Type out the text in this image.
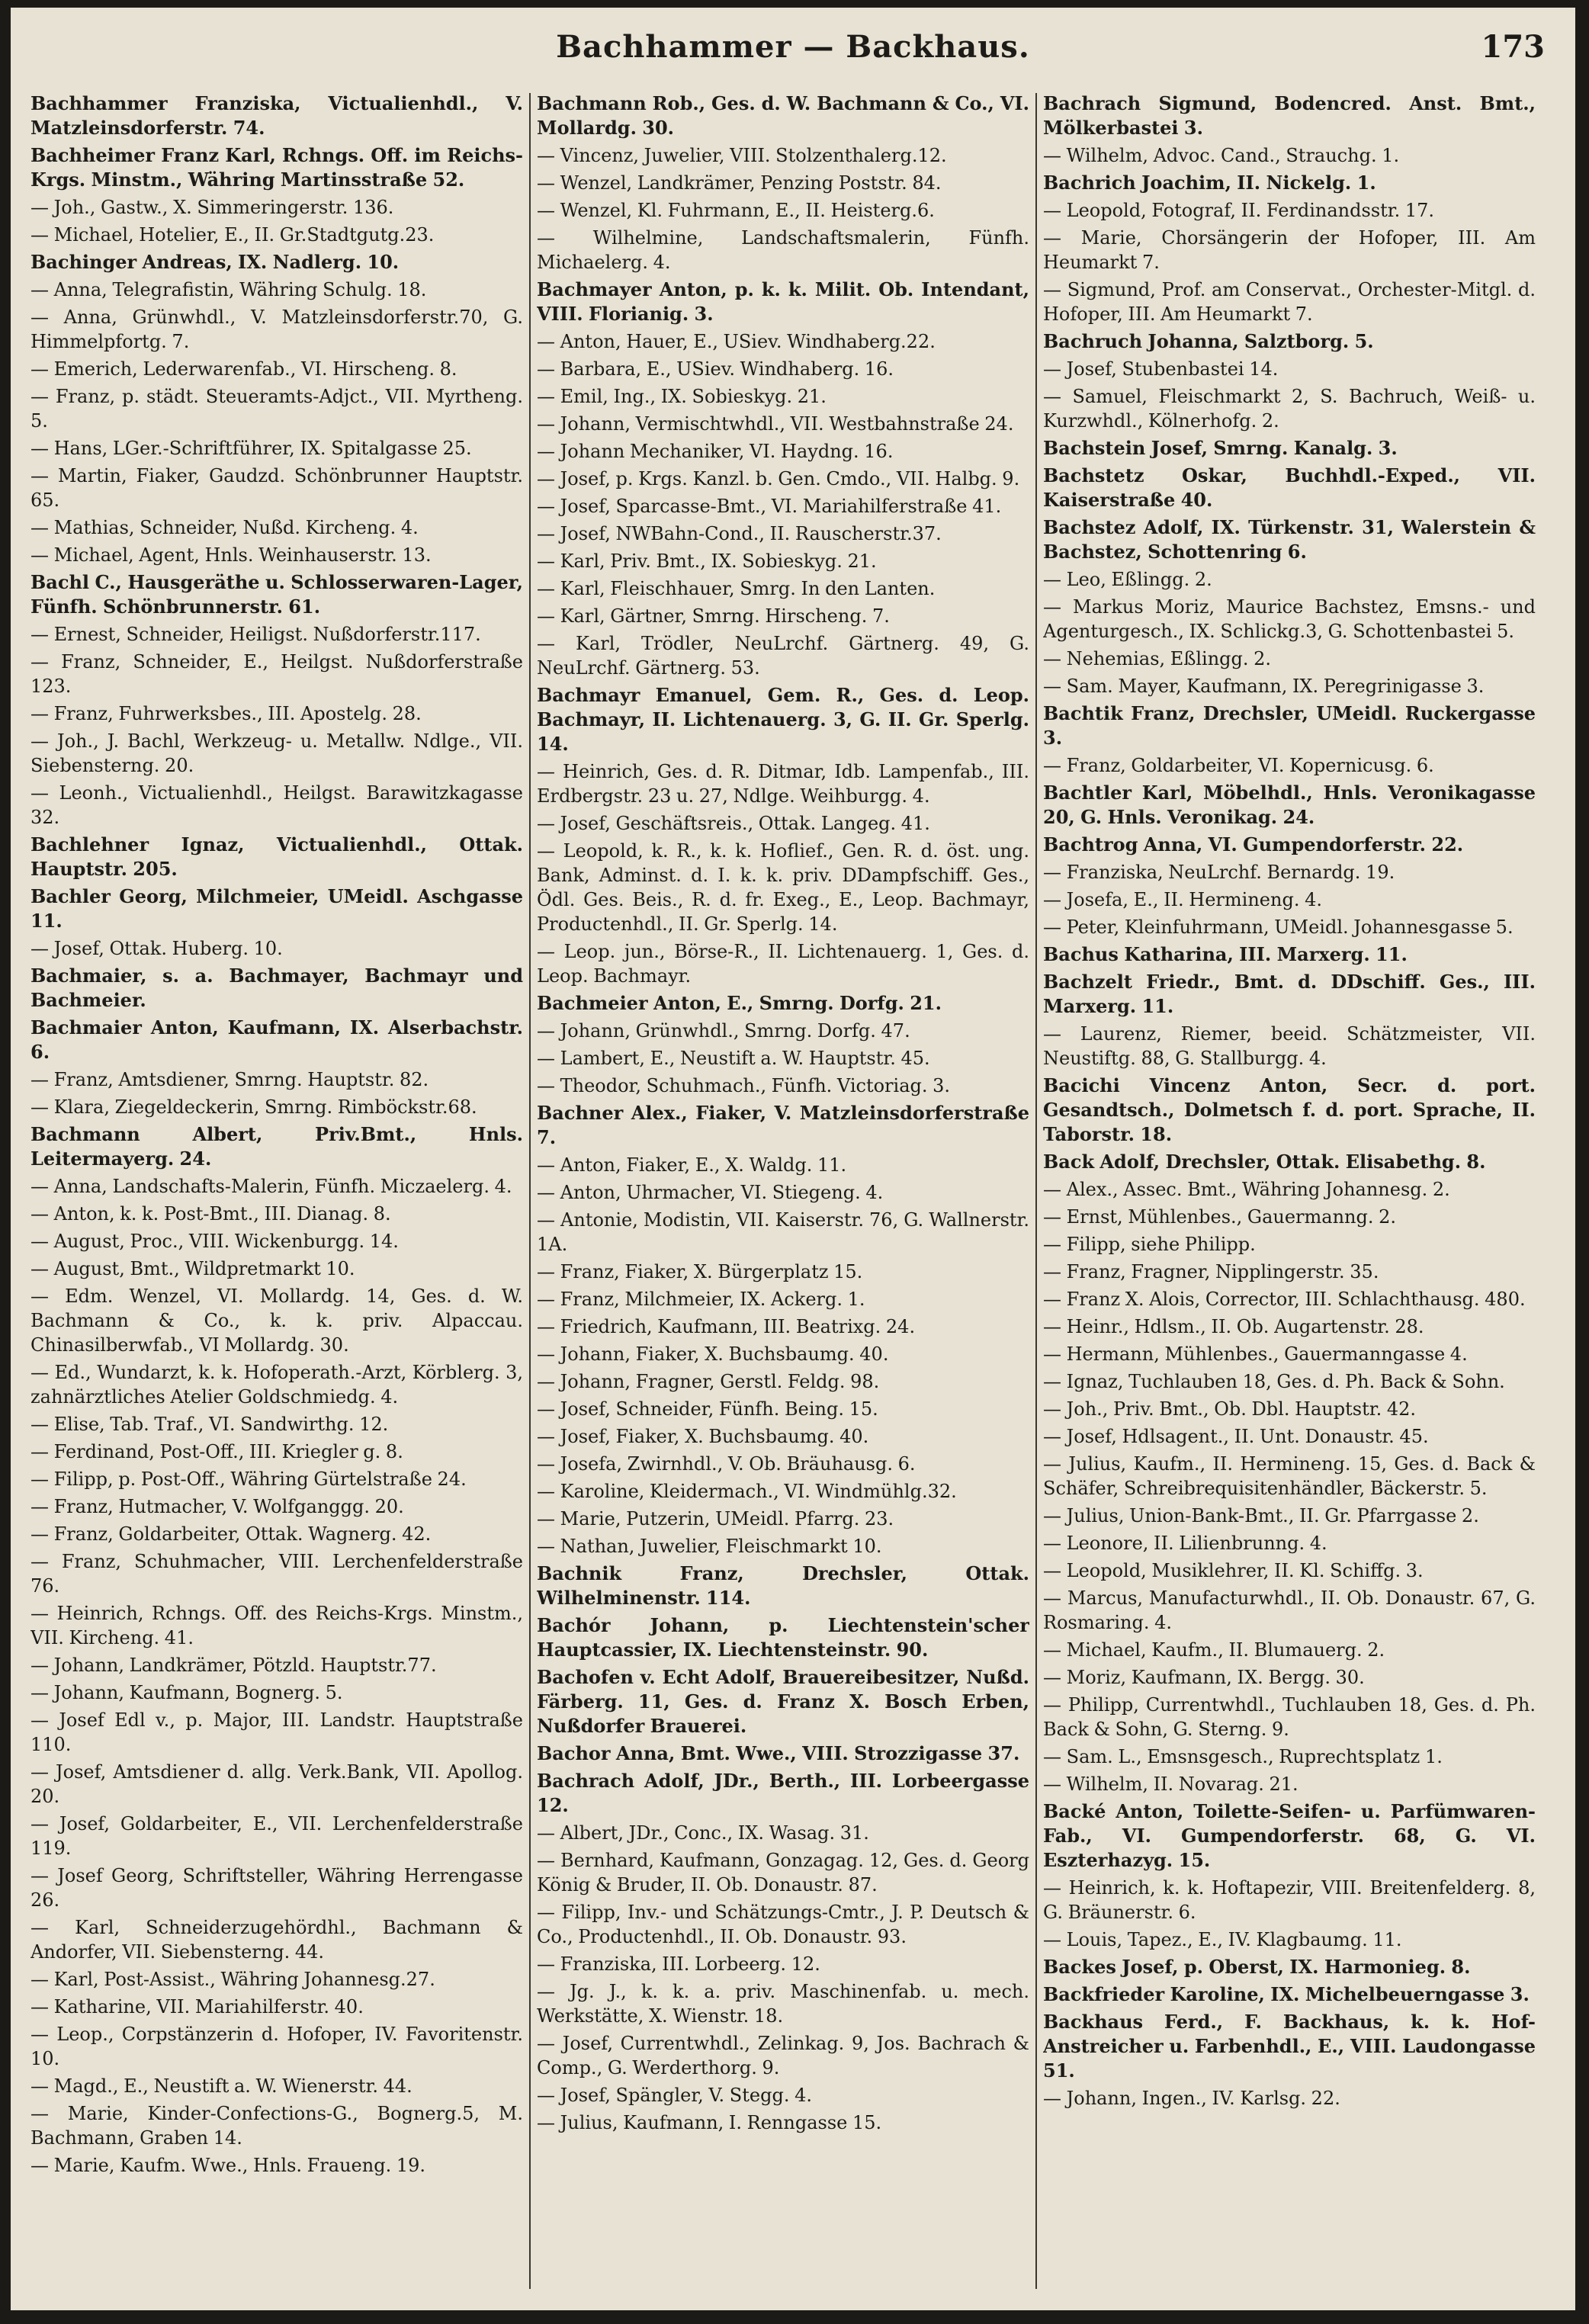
Bachhammer — Backhaus.	173

Bachhammer Franziska, Victualienhdl., V. Matzleinsdorferstr. 74.

Bachheimer Franz Karl, Rchngs. Off. im Reichs-Krgs. Minstm., Währing Martinsstraße 52.

— Joh., Gastw., X. Simmeringerstr. 136.

— Michael, Hotelier, E., II. Gr.Stadtgutg.23.

Bachinger Andreas, IX. Nadlerg. 10.

— Anna, Telegrafistin, Währing Schulg. 18.

— Anna, Grünwhdl., V. Matzleinsdorferstr.70, G. Himmelpfortg. 7.

— Emerich, Lederwarenfab., VI. Hirscheng. 8.

— Franz, p. städt. Steueramts-Adjct., VII. Myrtheng. 5.

— Hans, LGer.-Schriftführer, IX. Spitalgasse 25.

— Martin, Fiaker, Gaudzd. Schönbrunner Hauptstr. 65.

— Mathias, Schneider, Nußd. Kircheng. 4.

— Michael, Agent, Hnls. Weinhauserstr. 13.

Bachl C., Hausgeräthe u. Schlosserwaren-Lager, Fünfh. Schönbrunnerstr. 61.

— Ernest, Schneider, Heiligst. Nußdorferstr.117.

— Franz, Schneider, E., Heilgst. Nußdorferstraße 123.

— Franz, Fuhrwerksbes., III. Apostelg. 28.

— Joh., J. Bachl, Werkzeug- u. Metallw. Ndlge., VII. Siebensterng. 20.

— Leonh., Victualienhdl., Heilgst. Barawitzkagasse 32.

Bachlehner Ignaz, Victualienhdl., Ottak. Hauptstr. 205.

Bachler Georg, Milchmeier, UMeidl. Aschgasse 11.

— Josef, Ottak. Huberg. 10.

Bachmaier, s. a. Bachmayer, Bachmayr und Bachmeier.

Bachmaier Anton, Kaufmann, IX. Alserbachstr. 6.

— Franz, Amtsdiener, Smrng. Hauptstr. 82.

— Klara, Ziegeldeckerin, Smrng. Rimböckstr.68.

Bachmann Albert, Priv.Bmt., Hnls. Leitermayerg. 24.

— Anna, Landschafts-Malerin, Fünfh. Miczaelerg. 4.

— Anton, k. k. Post-Bmt., III. Dianag. 8.

— August, Proc., VIII. Wickenburgg. 14.

— August, Bmt., Wildpretmarkt 10.

— Edm. Wenzel, VI. Mollardg. 14, Ges. d. W. Bachmann & Co., k. k. priv. Alpaccau. Chinasilberwfab., VI Mollardg. 30.

— Ed., Wundarzt, k. k. Hofoperath.-Arzt, Körblerg. 3, zahnärztliches Atelier Goldschmiedg. 4.

— Elise, Tab. Traf., VI. Sandwirthg. 12.

— Ferdinand, Post-Off., III. Kriegler g. 8.

— Filipp, p. Post-Off., Währing Gürtelstraße 24.

— Franz, Hutmacher, V. Wolfganggg. 20.

— Franz, Goldarbeiter, Ottak. Wagnerg. 42.

— Franz, Schuhmacher, VIII. Lerchenfelderstraße 76.

— Heinrich, Rchngs. Off. des Reichs-Krgs. Minstm., VII. Kircheng. 41.

— Johann, Landkrämer, Pötzld. Hauptstr.77.

— Johann, Kaufmann, Bognerg. 5.

— Josef Edl v., p. Major, III. Landstr. Hauptstraße 110.

— Josef, Amtsdiener d. allg. Verk.Bank, VII. Apollog. 20.

— Josef, Goldarbeiter, E., VII. Lerchenfelderstraße 119.

— Josef Georg, Schriftsteller, Währing Herrengasse 26.

— Karl, Schneiderzugehördhl., Bachmann & Andorfer, VII. Siebensterng. 44.

— Karl, Post-Assist., Währing Johannesg.27.

— Katharine, VII. Mariahilferstr. 40.

— Leop., Corpstänzerin d. Hofoper, IV. Favoritenstr. 10.

— Magd., E., Neustift a. W. Wienerstr. 44.

— Marie, Kinder-Confections-G., Bognerg.5, M. Bachmann, Graben 14.

— Marie, Kaufm. Wwe., Hnls. Fraueng. 19.

Bachmann Rob., Ges. d. W. Bachmann & Co., VI. Mollardg. 30.

— Vincenz, Juwelier, VIII. Stolzenthalerg.12.

— Wenzel, Landkrämer, Penzing Poststr. 84.

— Wenzel, Kl. Fuhrmann, E., II. Heisterg.6.

— Wilhelmine, Landschaftsmalerin, Fünfh. Michaelerg. 4.

Bachmayer Anton, p. k. k. Milit. Ob. Intendant, VIII. Florianig. 3.

— Anton, Hauer, E., USiev. Windhaberg.22.

— Barbara, E., USiev. Windhaberg. 16.

— Emil, Ing., IX. Sobieskyg. 21.

— Johann, Vermischtwhdl., VII. Westbahnstraße 24.

— Johann Mechaniker, VI. Haydng. 16.

— Josef, p. Krgs. Kanzl. b. Gen. Cmdo., VII. Halbg. 9.

— Josef, Sparcasse-Bmt., VI. Mariahilferstraße 41.

— Josef, NWBahn-Cond., II. Rauscherstr.37.

— Karl, Priv. Bmt., IX. Sobieskyg. 21.

— Karl, Fleischhauer, Smrg. In den Lanten.

— Karl, Gärtner, Smrng. Hirscheng. 7.

— Karl, Trödler, NeuLrchf. Gärtnerg. 49, G. NeuLrchf. Gärtnerg. 53.

Bachmayr Emanuel, Gem. R., Ges. d. Leop. Bachmayr, II. Lichtenauerg. 3, G. II. Gr. Sperlg. 14.

— Heinrich, Ges. d. R. Ditmar, Idb. Lampenfab., III. Erdbergstr. 23 u. 27, Ndlge. Weihburgg. 4.

— Josef, Geschäftsreis., Ottak. Langeg. 41.

— Leopold, k. R., k. k. Hoflief., Gen. R. d. öst. ung. Bank, Adminst. d. I. k. k. priv. DDampfschiff. Ges., Ödl. Ges. Beis., R. d. fr. Exeg., E., Leop. Bachmayr, Productenhdl., II. Gr. Sperlg. 14.

— Leop. jun., Börse-R., II. Lichtenauerg. 1, Ges. d. Leop. Bachmayr.

Bachmeier Anton, E., Smrng. Dorfg. 21.

— Johann, Grünwhdl., Smrng. Dorfg. 47.

— Lambert, E., Neustift a. W. Hauptstr. 45.

— Theodor, Schuhmach., Fünfh. Victoriag. 3.

Bachner Alex., Fiaker, V. Matzleinsdorferstraße 7.

— Anton, Fiaker, E., X. Waldg. 11.

— Anton, Uhrmacher, VI. Stiegeng. 4.

— Antonie, Modistin, VII. Kaiserstr. 76, G. Wallnerstr. 1A.

— Franz, Fiaker, X. Bürgerplatz 15.

— Franz, Milchmeier, IX. Ackerg. 1.

— Friedrich, Kaufmann, III. Beatrixg. 24.

— Johann, Fiaker, X. Buchsbaumg. 40.

— Johann, Fragner, Gerstl. Feldg. 98.

— Josef, Schneider, Fünfh. Being. 15.

— Josef, Fiaker, X. Buchsbaumg. 40.

— Josefa, Zwirnhdl., V. Ob. Bräuhausg. 6.

— Karoline, Kleidermach., VI. Windmühlg.32.

— Marie, Putzerin, UMeidl. Pfarrg. 23.

— Nathan, Juwelier, Fleischmarkt 10.

Bachnik Franz, Drechsler, Ottak. Wilhelminenstr. 114.

Bachór Johann, p. Liechtenstein'scher Hauptcassier, IX. Liechtensteinstr. 90.

Bachofen v. Echt Adolf, Brauereibesitzer, Nußd. Färberg. 11, Ges. d. Franz X. Bosch Erben, Nußdorfer Brauerei.

Bachor Anna, Bmt. Wwe., VIII. Strozzigasse 37.

Bachrach Adolf, JDr., Berth., III. Lorbeergasse 12.

— Albert, JDr., Conc., IX. Wasag. 31.

— Bernhard, Kaufmann, Gonzagag. 12, Ges. d. Georg König & Bruder, II. Ob. Donaustr. 87.

— Filipp, Inv.- und Schätzungs-Cmtr., J. P. Deutsch & Co., Productenhdl., II. Ob. Donaustr. 93.

— Franziska, III. Lorbeerg. 12.

— Jg. J., k. k. a. priv. Maschinenfab. u. mech. Werkstätte, X. Wienstr. 18.

— Josef, Currentwhdl., Zelinkag. 9, Jos. Bachrach & Comp., G. Werderthorg. 9.

— Josef, Spängler, V. Stegg. 4.

— Julius, Kaufmann, I. Renngasse 15.

Bachrach Sigmund, Bodencred. Anst. Bmt., Mölkerbastei 3.

— Wilhelm, Advoc. Cand., Strauchg. 1.

Bachrich Joachim, II. Nickelg. 1.

— Leopold, Fotograf, II. Ferdinandsstr. 17.

— Marie, Chorsängerin der Hofoper, III. Am Heumarkt 7.

— Sigmund, Prof. am Conservat., Orchester-Mitgl. d. Hofoper, III. Am Heumarkt 7.

Bachruch Johanna, Salztborg. 5.

— Josef, Stubenbastei 14.

— Samuel, Fleischmarkt 2, S. Bachruch, Weiß- u. Kurzwhdl., Kölnerhofg. 2.

Bachstein Josef, Smrng. Kanalg. 3.

Bachstetz Oskar, Buchhdl.-Exped., VII. Kaiserstraße 40.

Bachstez Adolf, IX. Türkenstr. 31, Walerstein & Bachstez, Schottenring 6.

— Leo, Eßlingg. 2.

— Markus Moriz, Maurice Bachstez, Emsns.- und Agenturgesch., IX. Schlickg.3, G. Schottenbastei 5.

— Nehemias, Eßlingg. 2.

— Sam. Mayer, Kaufmann, IX. Peregrinigasse 3.

Bachtik Franz, Drechsler, UMeidl. Ruckergasse 3.

— Franz, Goldarbeiter, VI. Kopernicusg. 6.

Bachtler Karl, Möbelhdl., Hnls. Veronikagasse 20, G. Hnls. Veronikag. 24.

Bachtrog Anna, VI. Gumpendorferstr. 22.

— Franziska, NeuLrchf. Bernardg. 19.

— Josefa, E., II. Hermineng. 4.

— Peter, Kleinfuhrmann, UMeidl. Johannesgasse 5.

Bachus Katharina, III. Marxerg. 11.

Bachzelt Friedr., Bmt. d. DDschiff. Ges., III. Marxerg. 11.

— Laurenz, Riemer, beeid. Schätzmeister, VII. Neustiftg. 88, G. Stallburgg. 4.

Bacichi Vincenz Anton, Secr. d. port. Gesandtsch., Dolmetsch f. d. port. Sprache, II. Taborstr. 18.

Back Adolf, Drechsler, Ottak. Elisabethg. 8.

— Alex., Assec. Bmt., Währing Johannesg. 2.

— Ernst, Mühlenbes., Gauermanng. 2.

— Filipp, siehe Philipp.

— Franz, Fragner, Nipplingerstr. 35.

— Franz X. Alois, Corrector, III. Schlachthausg. 480.

— Heinr., Hdlsm., II. Ob. Augartenstr. 28.

— Hermann, Mühlenbes., Gauermanngasse 4.

— Ignaz, Tuchlauben 18, Ges. d. Ph. Back & Sohn.

— Joh., Priv. Bmt., Ob. Dbl. Hauptstr. 42.

— Josef, Hdlsagent., II. Unt. Donaustr. 45.

— Julius, Kaufm., II. Hermineng. 15, Ges. d. Back & Schäfer, Schreibrequisitenhändler, Bäckerstr. 5.

— Julius, Union-Bank-Bmt., II. Gr. Pfarrgasse 2.

— Leonore, II. Lilienbrunng. 4.

— Leopold, Musiklehrer, II. Kl. Schiffg. 3.

— Marcus, Manufacturwhdl., II. Ob. Donaustr. 67, G. Rosmaring. 4.

— Michael, Kaufm., II. Blumauerg. 2.

— Moriz, Kaufmann, IX. Bergg. 30.

— Philipp, Currentwhdl., Tuchlauben 18, Ges. d. Ph. Back & Sohn, G. Sterng. 9.

— Sam. L., Emsnsgesch., Ruprechtsplatz 1.

— Wilhelm, II. Novarag. 21.

Backé Anton, Toilette-Seifen- u. Parfümwaren-Fab., VI. Gumpendorferstr. 68, G. VI. Eszterhazyg. 15.

— Heinrich, k. k. Hoftapezir, VIII. Breitenfelderg. 8, G. Bräunerstr. 6.

— Louis, Tapez., E., IV. Klagbaumg. 11.

Backes Josef, p. Oberst, IX. Harmonieg. 8.

Backfrieder Karoline, IX. Michelbeuerngasse 3.

Backhaus Ferd., F. Backhaus, k. k. Hof-Anstreicher u. Farbenhdl., E., VIII. Laudongasse 51.

— Johann, Ingen., IV. Karlsg. 22.
